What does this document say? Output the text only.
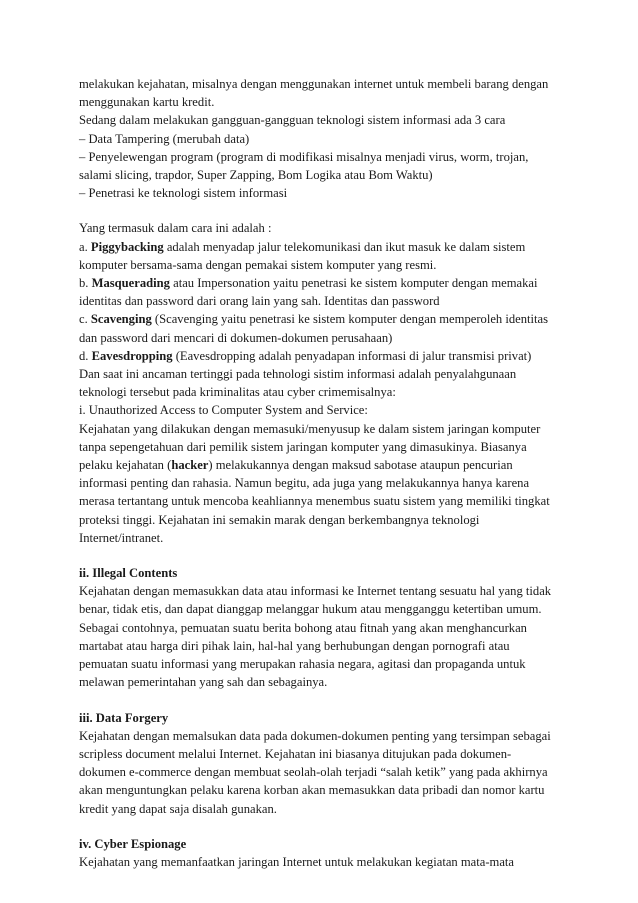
melakukan kejahatan, misalnya dengan menggunakan internet untuk membeli barang dengan
menggunakan kartu kredit.
Sedang dalam melakukan gangguan-gangguan teknologi sistem informasi ada 3 cara
– Data Tampering (merubah data)
– Penyelewengan program (program di modifikasi misalnya menjadi virus, worm, trojan,
salami slicing, trapdor, Super Zapping, Bom Logika atau Bom Waktu)
– Penetrasi ke teknologi sistem informasi

Yang termasuk dalam cara ini adalah :

a. Piggybacking adalah menyadap jalur telekomunikasi dan ikut masuk ke dalam sistem
komputer bersama-sama dengan pemakai sistem komputer yang resmi.

b. Masquerading atau Impersonation yaitu penetrasi ke sistem komputer dengan memakai
identitas dan password dari orang lain yang sah. Identitas dan password

c. Scavenging (Scavenging yaitu penetrasi ke sistem komputer dengan memperoleh identitas
dan password dari mencari di dokumen-dokumen perusahaan)

d. Eavesdropping (Eavesdropping adalah penyadapan informasi di jalur transmisi privat)

Dan saat ini ancaman tertinggi pada tehnologi sistim informasi adalah penyalahgunaan
teknologi tersebut pada kriminalitas atau cyber crimemisalnya:
i. Unauthorized Access to Computer System and Service:

Kejahatan yang dilakukan dengan memasuki/menyusup ke dalam sistem jaringan komputer
tanpa sepengetahuan dari pemilik sistem jaringan komputer yang dimasukinya. Biasanya
pelaku kejahatan (hacker) melakukannya dengan maksud sabotase ataupun pencurian
informasi penting dan rahasia. Namun begitu, ada juga yang melakukannya hanya karena
merasa tertantang untuk mencoba keahliannya menembus suatu sistem yang memiliki tingkat
proteksi tinggi. Kejahatan ini semakin marak dengan berkembangnya teknologi
Internet/intranet.

ii. Illegal Contents

Kejahatan dengan memasukkan data atau informasi ke Internet tentang sesuatu hal yang tidak
benar, tidak etis, dan dapat dianggap melanggar hukum atau mengganggu ketertiban umum.
Sebagai contohnya, pemuatan suatu berita bohong atau fitnah yang akan menghancurkan
martabat atau harga diri pihak lain, hal-hal yang berhubungan dengan pornografi atau
pemuatan suatu informasi yang merupakan rahasia negara, agitasi dan propaganda untuk
melawan pemerintahan yang sah dan sebagainya.

iii. Data Forgery

Kejahatan dengan memalsukan data pada dokumen-dokumen penting yang tersimpan sebagai
scripless document melalui Internet. Kejahatan ini biasanya ditujukan pada dokumen-
dokumen e-commerce dengan membuat seolah-olah terjadi “salah ketik” yang pada akhirnya
akan menguntungkan pelaku karena korban akan memasukkan data pribadi dan nomor kartu
kredit yang dapat saja disalah gunakan.

iv. Cyber Espionage

Kejahatan yang memanfaatkan jaringan Internet untuk melakukan kegiatan mata-mata
